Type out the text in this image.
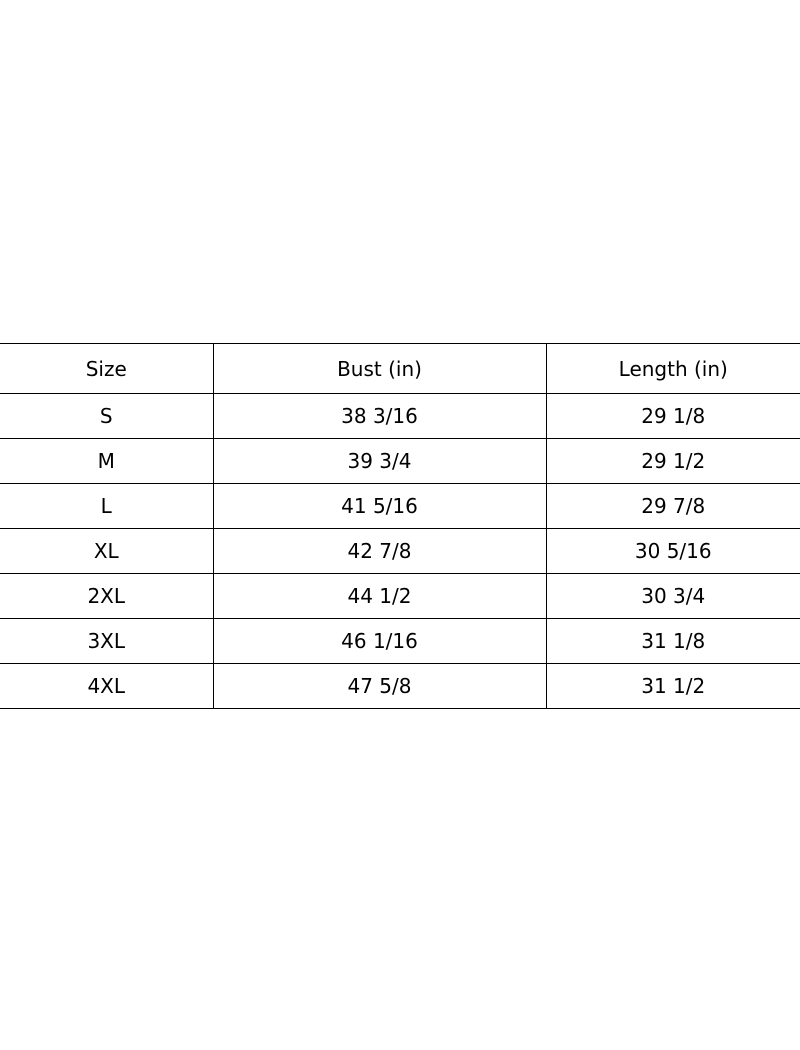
Size	Bust (in)	Length (in)
S	38 3/16	29 1/8
M	39 3/4	29 1/2
L	41 5/16	29 7/8
XL	42 7/8	30 5/16
2XL	44 1/2	30 3/4
3XL	46 1/16	31 1/8
4XL	47 5/8	31 1/2
